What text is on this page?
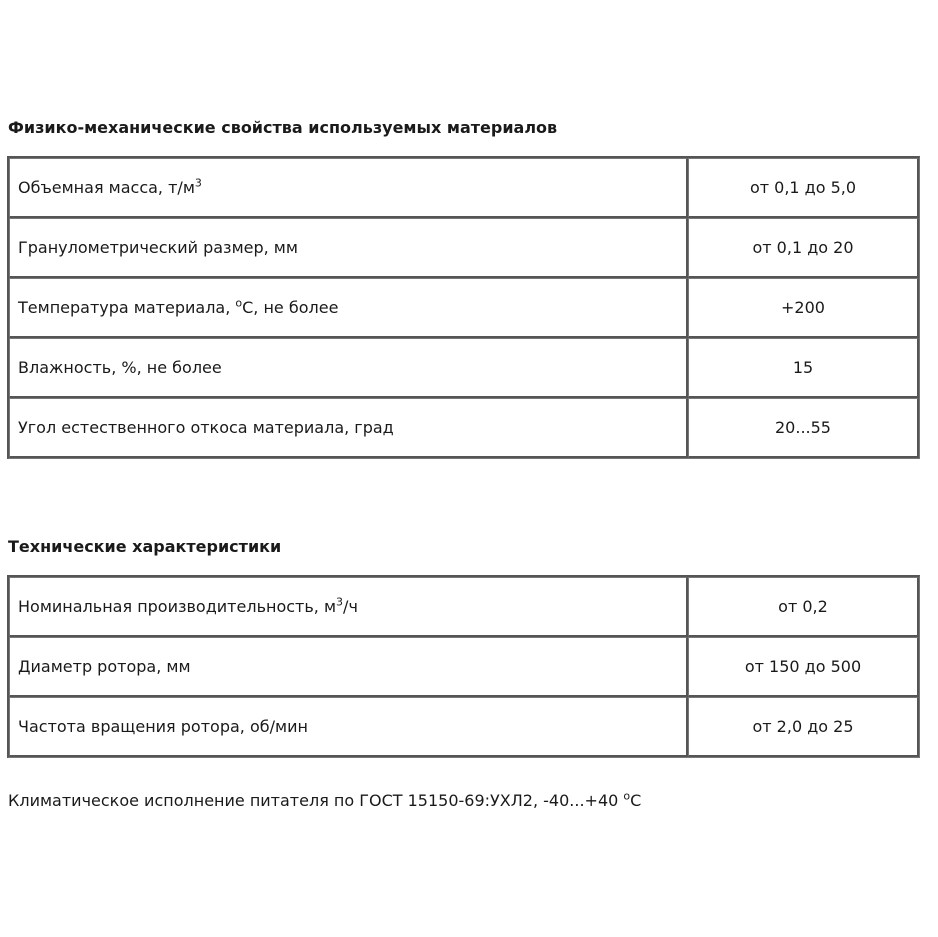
Физико-механические свойства используемых материалов
Объемная масса, $т/м^3$	от 0,1 до 5,0
Гранулометрический размер, мм	от 0,1 до 20
Температура материала, $^о$С, не более	+200
Влажность, %, не более	15
Угол естественного откоса материала, град	20...55
Технические характеристики
Номинальная производительность, $м^3/ч$	от 0,2
Диаметр ротора, мм	от 150 до 500
Частота вращения ротора, об/мин	от 2,0 до 25

Климатическое исполнение питателя по ГОСТ 15150-69:УХЛ2, -40...+40 $^о$С
